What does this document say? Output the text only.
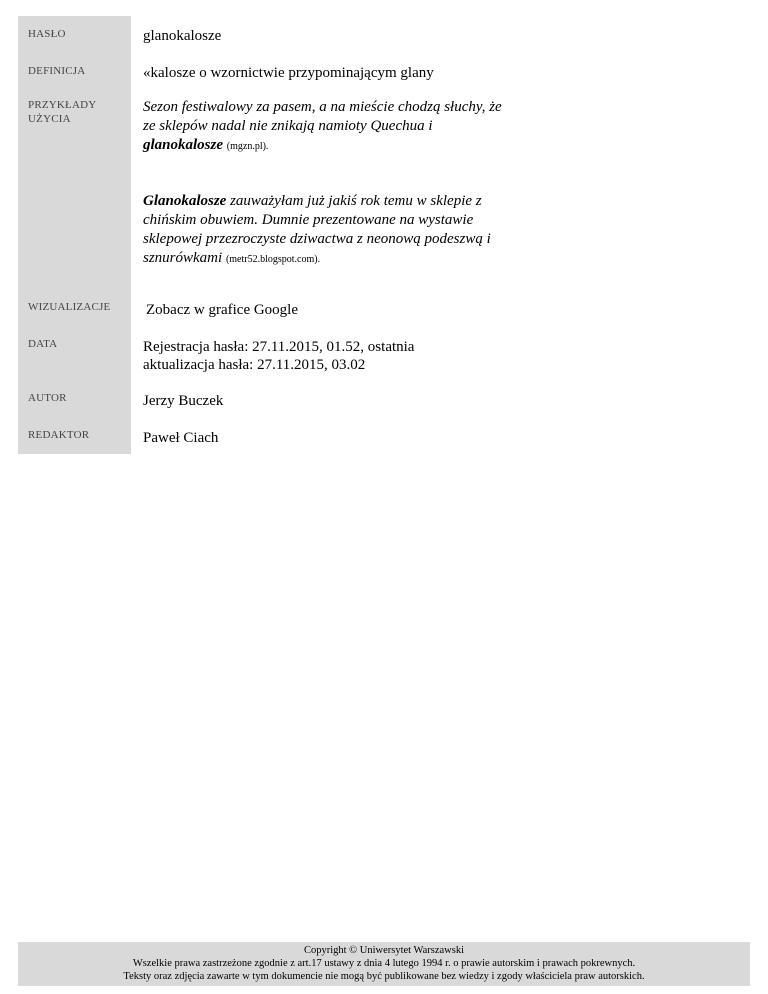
HASŁO	glanokalosze
DEFINICJA	«kalosze o wzornictwie przypominającym glany
PRZYKŁADY UŻYCIA
Sezon festiwalowy za pasem, a na mieście chodzą słuchy, że ze sklepów nadal nie znikają namioty Quechua i glanokalosze (mgzn.pl).
Glanokalosze zauważyłam już jakiś rok temu w sklepie z chińskim obuwiem. Dumnie prezentowane na wystawie sklepowej przezroczyste dziwactwa z neonową podeszwą i sznurówkami (metr52.blogspot.com).
WIZUALIZACJE Zobacz w grafice Google
DATA	Rejestracja hasła: 27.11.2015, 01.52, ostatnia aktualizacja hasła: 27.11.2015, 03.02
AUTOR	Jerzy Buczek
REDAKTOR	Paweł Ciach
Copyright © Uniwersytet Warszawski
Wszelkie prawa zastrzeżone zgodnie z art.17 ustawy z dnia 4 lutego 1994 r. o prawie autorskim i prawach pokrewnych.
Teksty oraz zdjęcia zawarte w tym dokumencie nie mogą być publikowane bez wiedzy i zgody właściciela praw autorskich.
